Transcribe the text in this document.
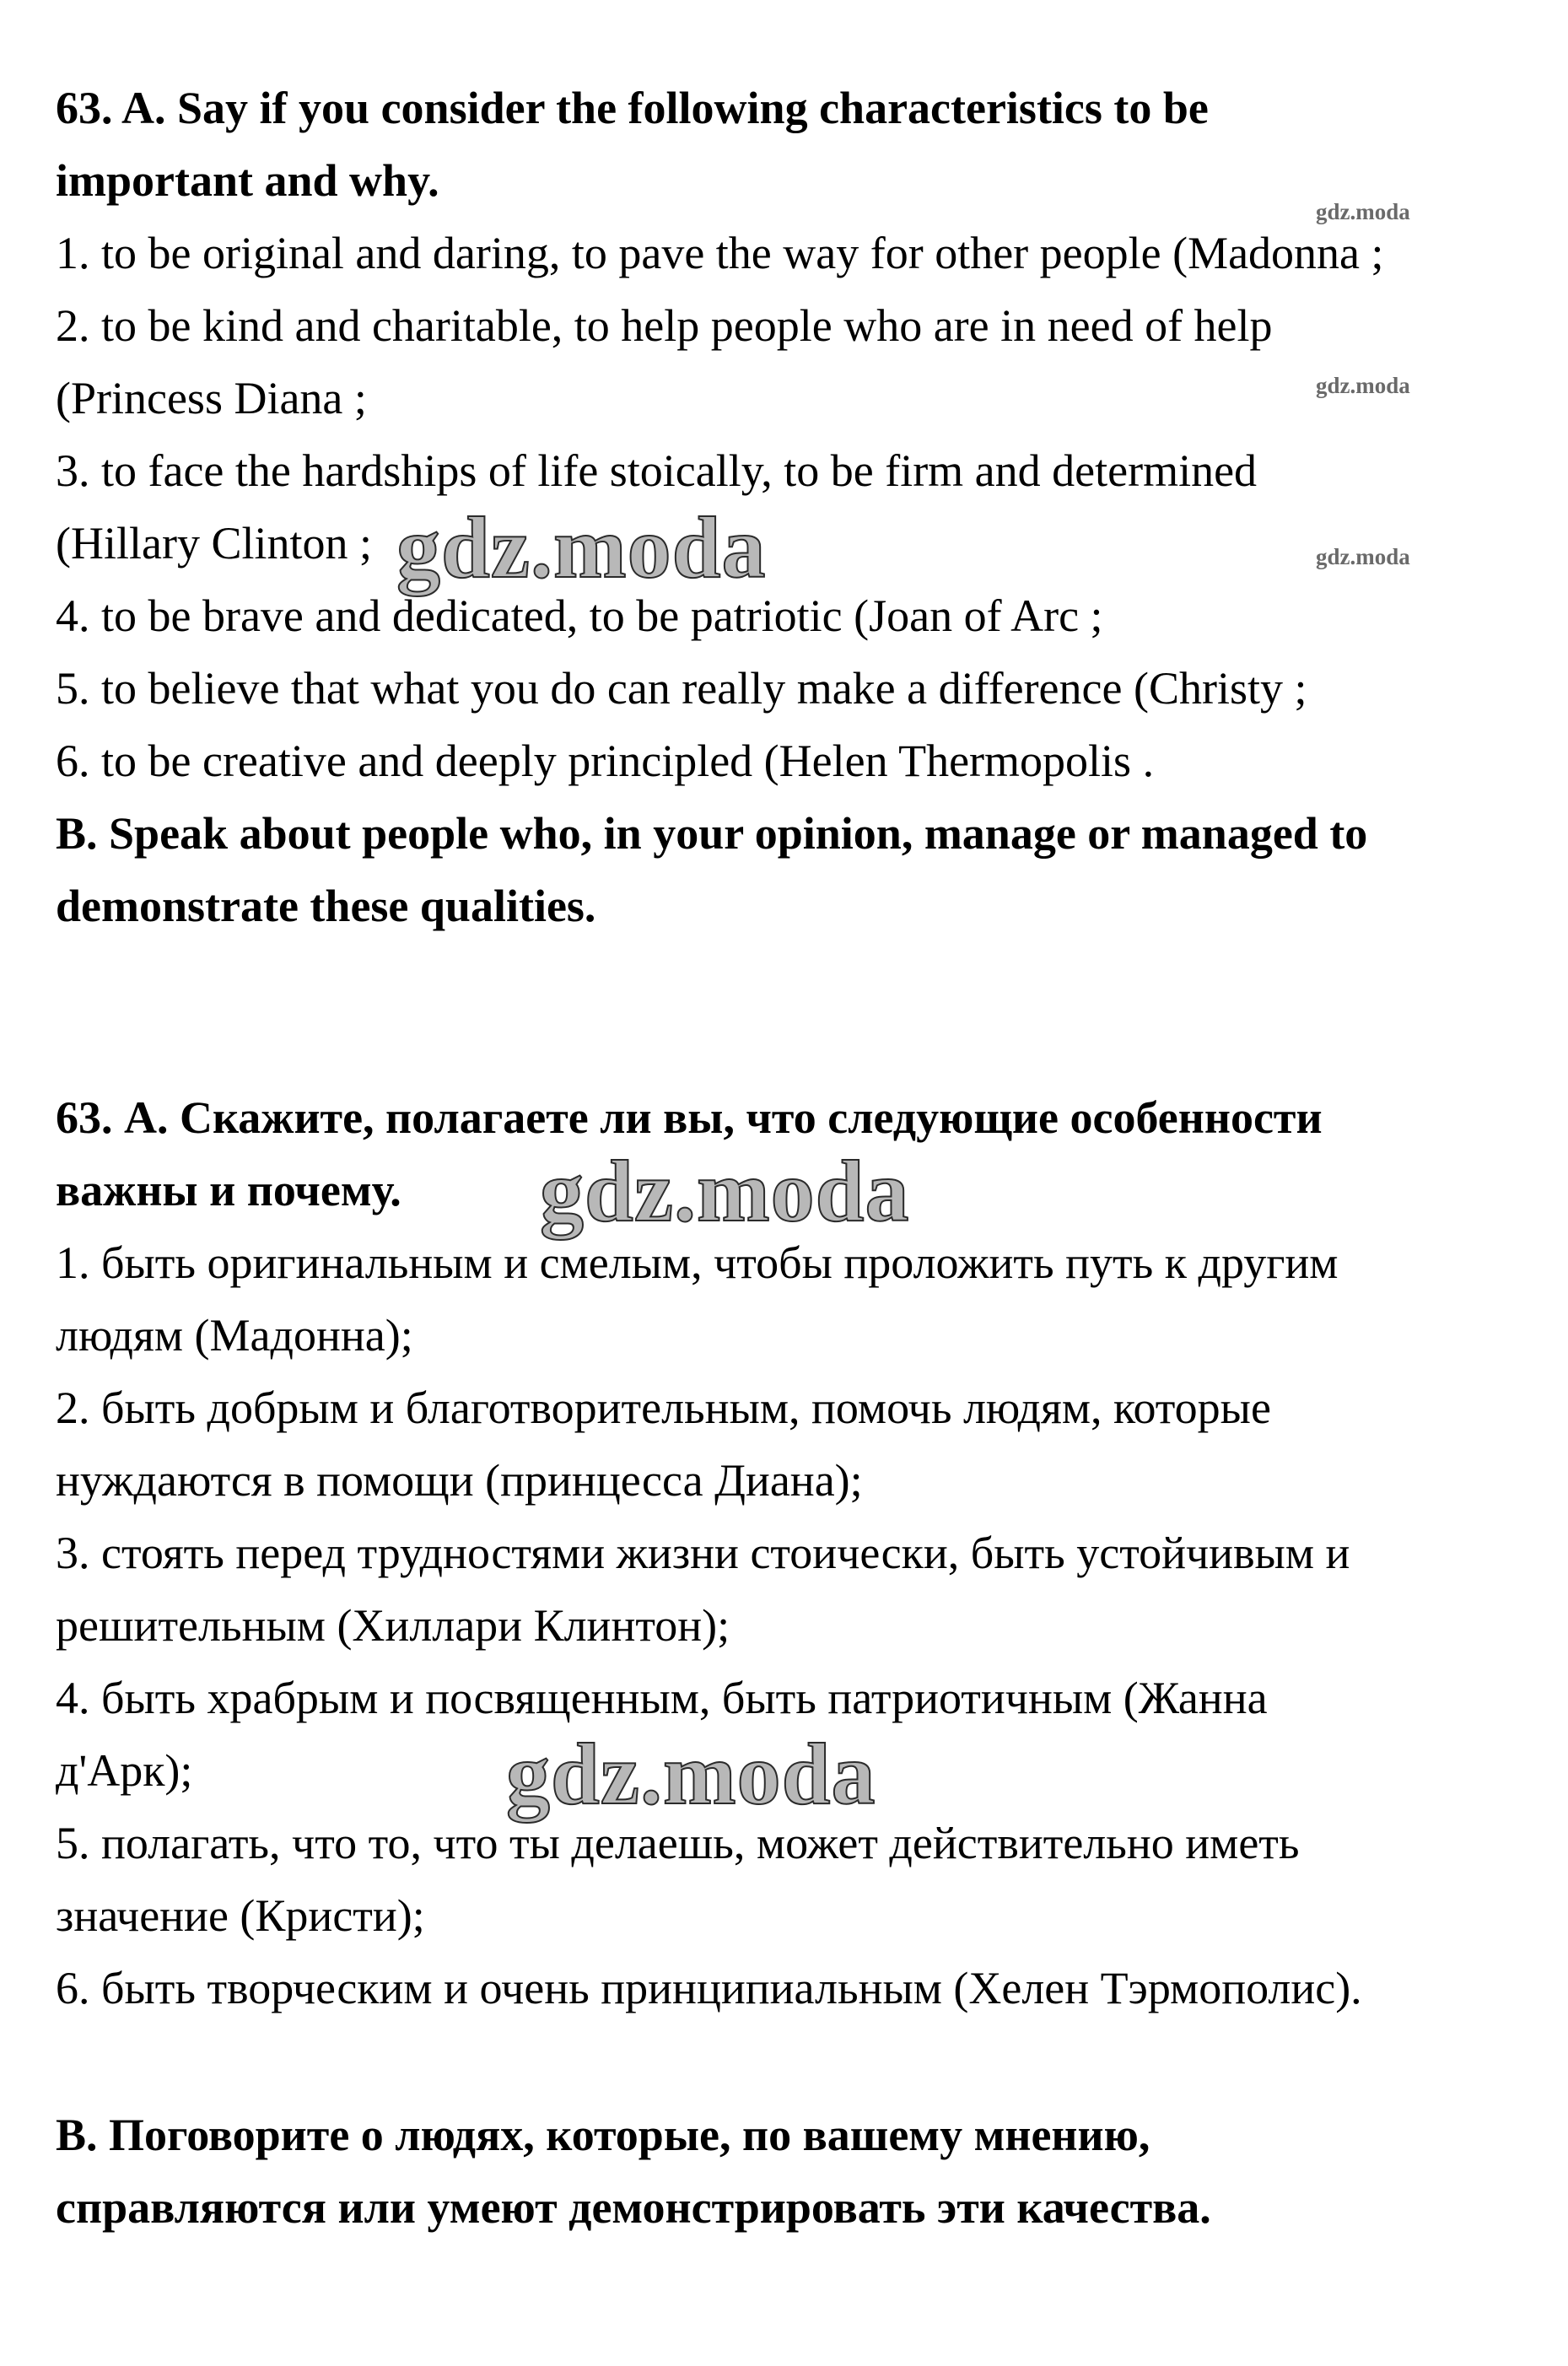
63. A. Say if you consider the following characteristics to be

important and why.

1. to be original and daring, to pave the way for other people (Madonna ;

2. to be kind and charitable, to help people who are in need of help

(Princess Diana ;

3. to face the hardships of life stoically, to be firm and determined

(Hillary Clinton ;

4. to be brave and dedicated, to be patriotic (Joan of Arc ;

5. to believe that what you do can really make a difference (Christy ;

6. to be creative and deeply principled (Helen Thermopolis .

B. Speak about people who, in your opinion, manage or managed to

demonstrate these qualities.

63. А. Скажите, полагаете ли вы, что следующие особенности

важны и почему.

1. быть оригинальным и смелым, чтобы проложить путь к другим

людям (Мадонна);

2. быть добрым и благотворительным, помочь людям, которые

нуждаются в помощи (принцесса Диана);

3. стоять перед трудностями жизни стоически, быть устойчивым и

решительным (Хиллари Клинтон);

4. быть храбрым и посвященным, быть патриотичным (Жанна

д'Арк);

5. полагать, что то, что ты делаешь, может действительно иметь

значение (Кристи);

6. быть творческим и очень принципиальным (Хелен Тэрмополис).

В. Поговорите о людях, которые, по вашему мнению,

справляются или умеют демонстрировать эти качества.

gdz.moda
gdz.moda
gdz.moda
gdz.moda
gdz.moda
gdz.moda
